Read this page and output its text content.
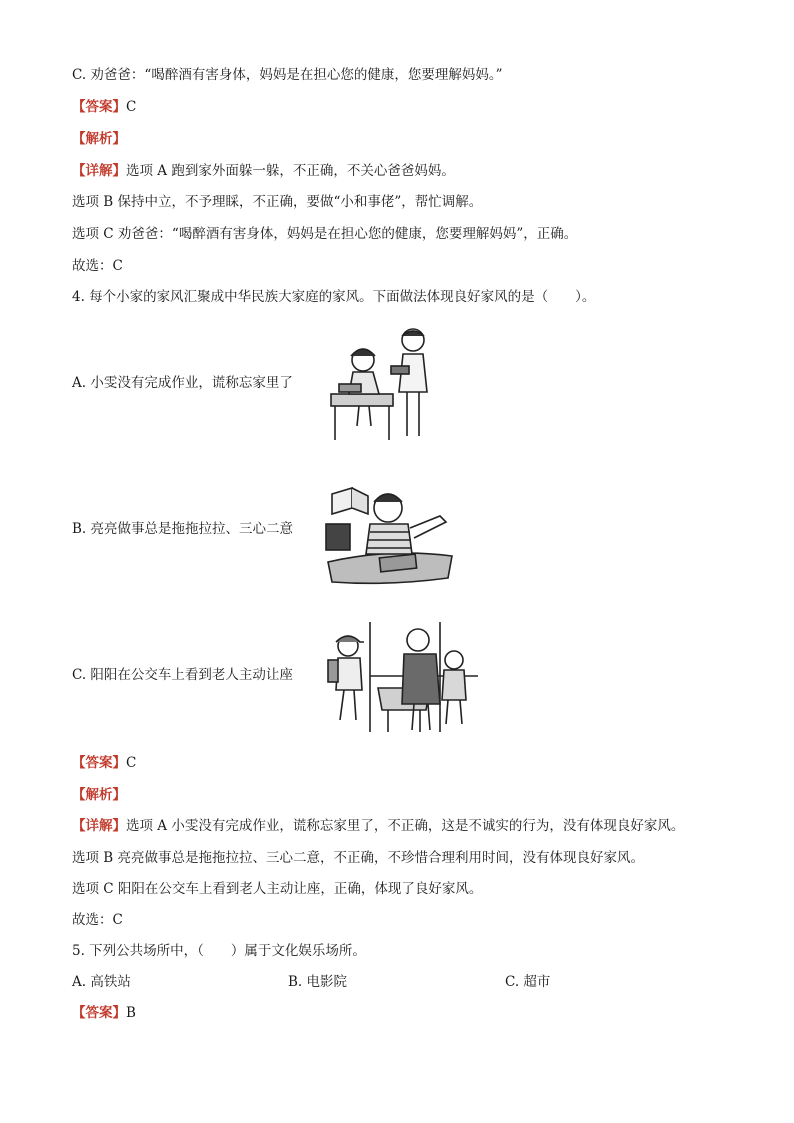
C. 劝爸爸：“喝醉酒有害身体，妈妈是在担心您的健康，您要理解妈妈。”
【答案】C
【解析】
【详解】选项 A 跑到家外面躲一躲，不正确，不关心爸爸妈妈。
选项 B 保持中立，不予理睬，不正确，要做“小和事佬”，帮忙调解。
选项 C 劝爸爸：“喝醉酒有害身体，妈妈是在担心您的健康，您要理解妈妈”，正确。
故选：C
4. 每个小家的家风汇聚成中华民族大家庭的家风。下面做法体现良好家风的是（　　）。
A. 小雯没有完成作业，谎称忘家里了
B. 亮亮做事总是拖拖拉拉、三心二意
C. 阳阳在公交车上看到老人主动让座
【答案】C
【解析】
【详解】选项 A 小雯没有完成作业，谎称忘家里了，不正确，这是不诚实的行为，没有体现良好家风。
选项 B 亮亮做事总是拖拖拉拉、三心二意，不正确，不珍惜合理利用时间，没有体现良好家风。
选项 C 阳阳在公交车上看到老人主动让座，正确，体现了良好家风。
故选：C
5. 下列公共场所中，（　　）属于文化娱乐场所。
A. 高铁站	B. 电影院	C. 超市
【答案】B
